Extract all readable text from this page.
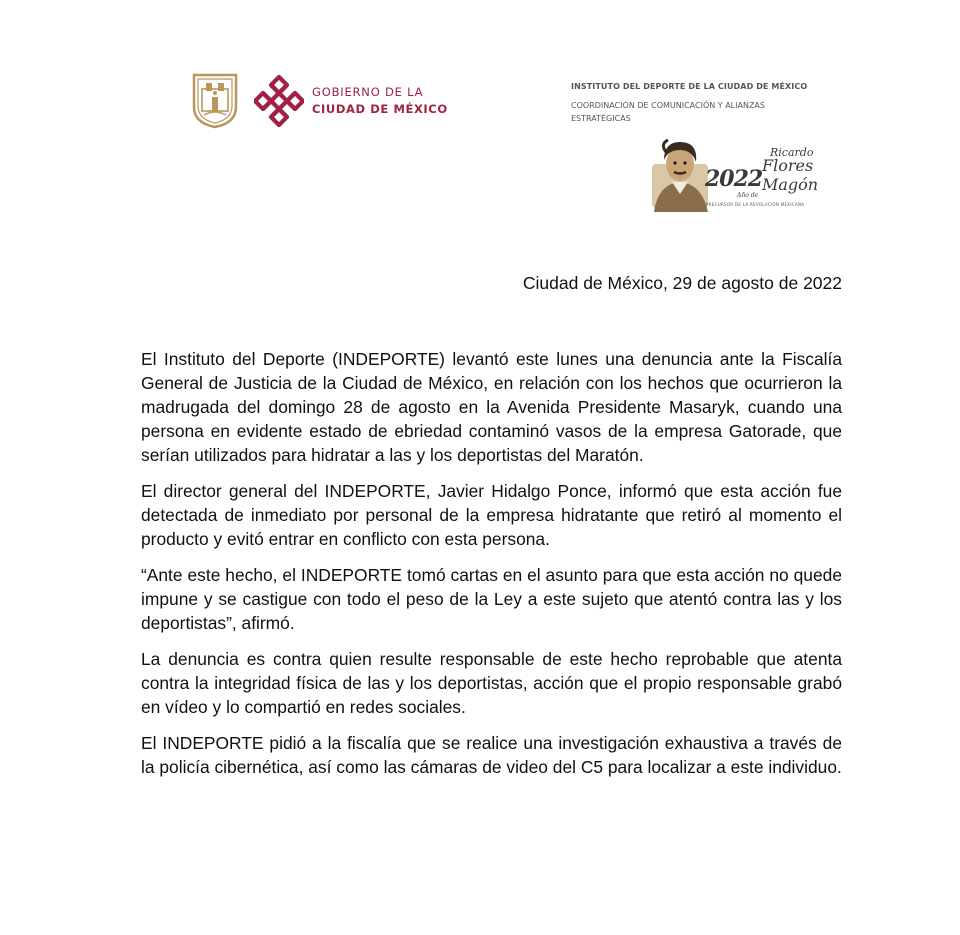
GOBIERNO DE LA
CIUDAD DE MÉXICO
INSTITUTO DEL DEPORTE DE LA CIUDAD DE MÉXICO
COORDINACIÓN DE COMUNICACIÓN Y ALIANZAS ESTRATÉGICAS
2022
Año de
Ricardo
Flores
Magón
PRECURSOR DE LA REVOLUCIÓN MEXICANA
Ciudad de México, 29 de agosto de 2022

El Instituto del Deporte (INDEPORTE) levantó este lunes una denuncia ante la Fiscalía General de Justicia de la Ciudad de México, en relación con los hechos que ocurrieron la madrugada del domingo 28 de agosto en la Avenida Presidente Masaryk, cuando una persona en evidente estado de ebriedad contaminó vasos de la empresa Gatorade, que serían utilizados para hidratar a las y los deportistas del Maratón.

El director general del INDEPORTE, Javier Hidalgo Ponce, informó que esta acción fue detectada de inmediato por personal de la empresa hidratante que retiró al momento el producto y evitó entrar en conflicto con esta persona.

“Ante este hecho, el INDEPORTE tomó cartas en el asunto para que esta acción no quede impune y se castigue con todo el peso de la Ley a este sujeto que atentó contra las y los deportistas”, afirmó.

La denuncia es contra quien resulte responsable de este hecho reprobable que atenta contra la integridad física de las y los deportistas, acción que el propio responsable grabó en vídeo y lo compartió en redes sociales.

El INDEPORTE pidió a la fiscalía que se realice una investigación exhaustiva a través de la policía cibernética, así como las cámaras de video del C5 para localizar a este individuo.
